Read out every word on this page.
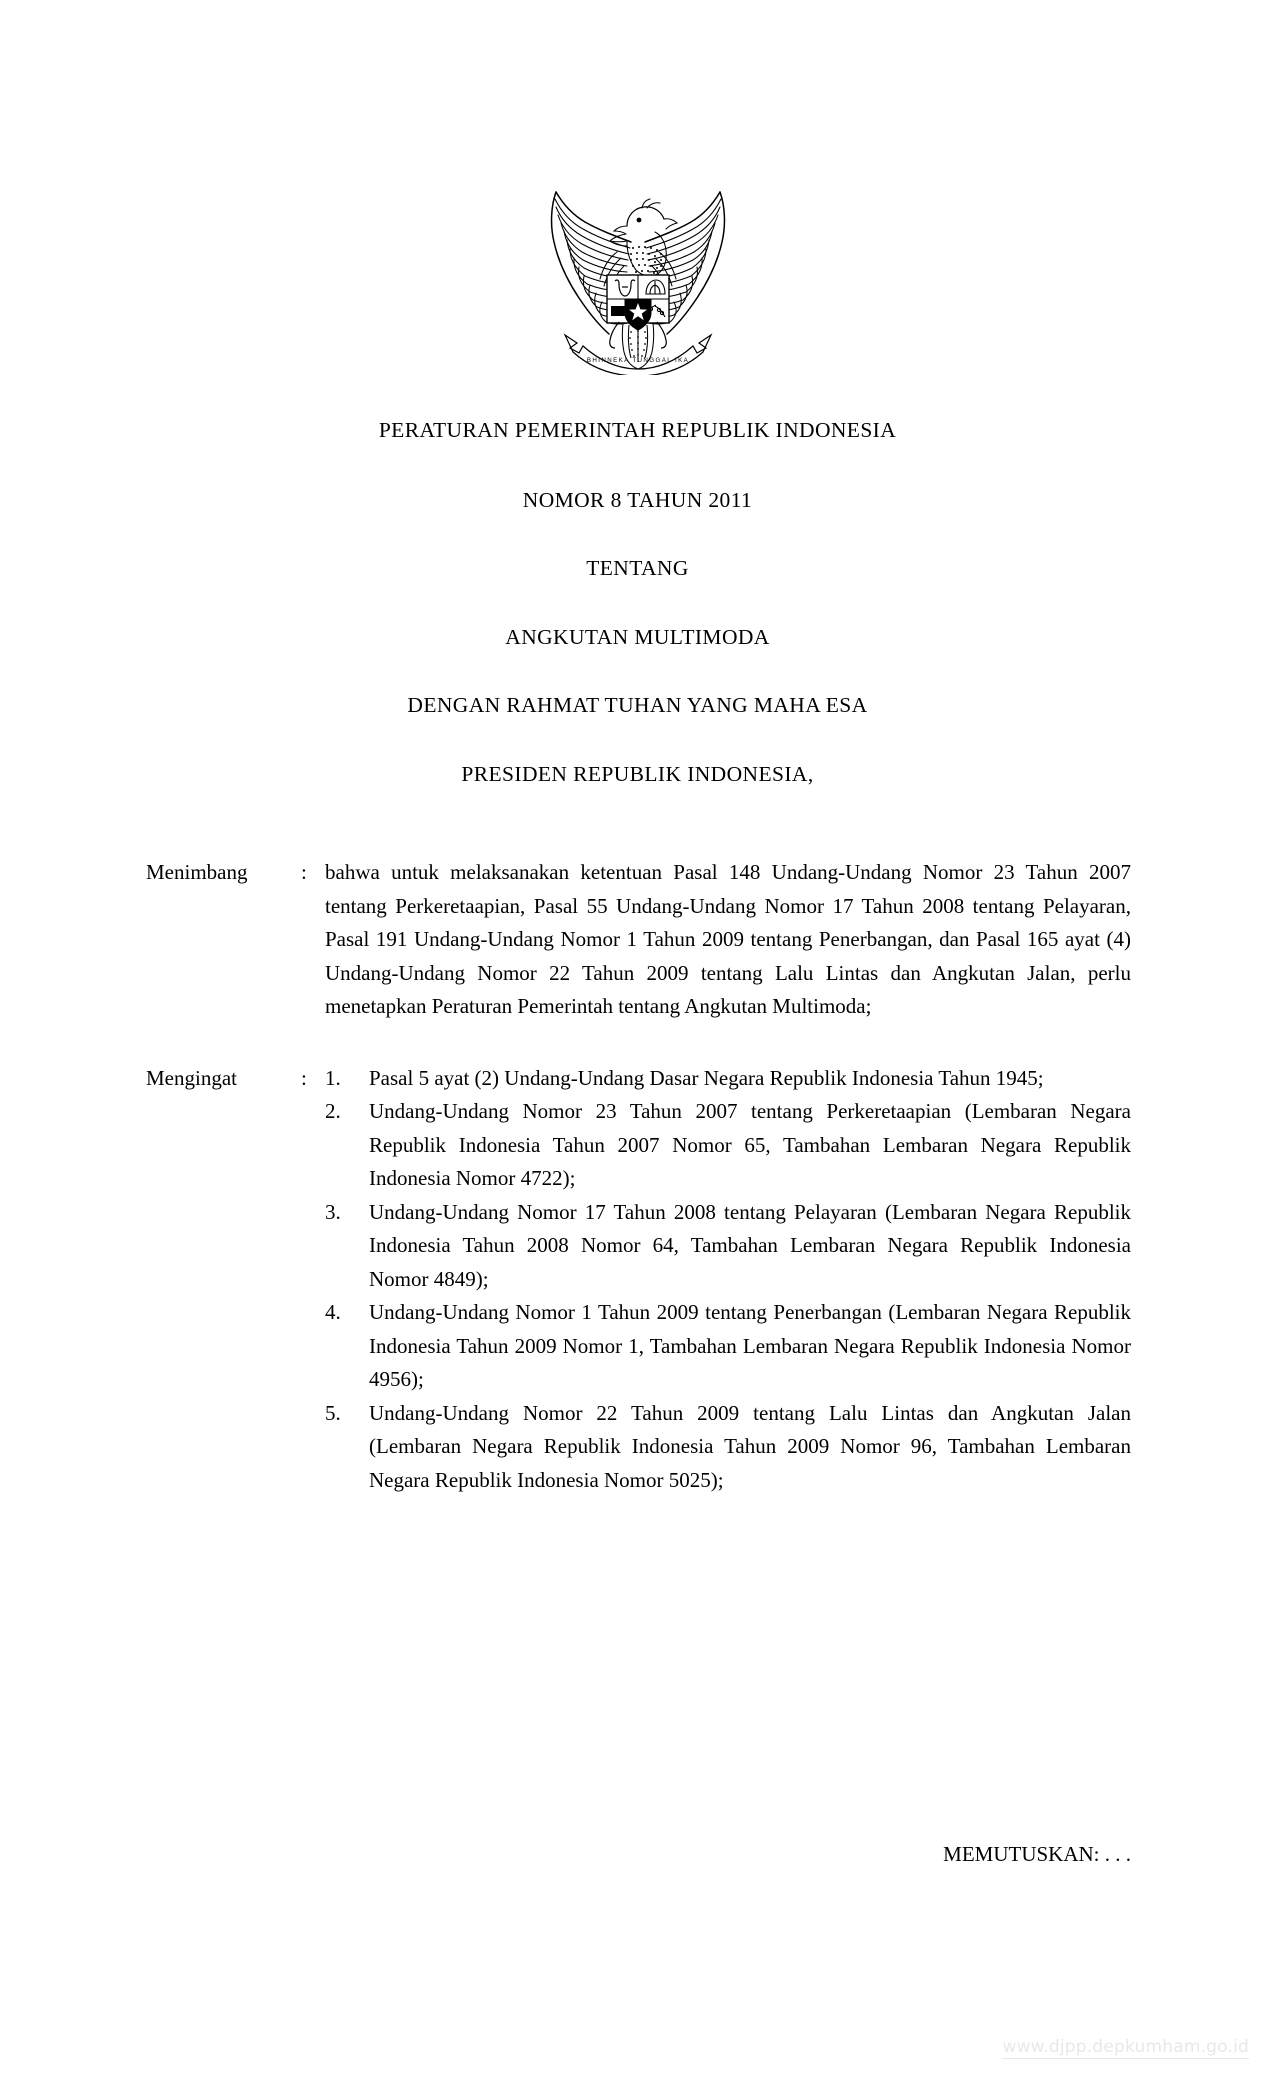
BHINNEKA TUNGGAL IKA
PERATURAN PEMERINTAH REPUBLIK INDONESIA
NOMOR 8 TAHUN 2011
TENTANG
ANGKUTAN MULTIMODA
DENGAN RAHMAT TUHAN YANG MAHA ESA
PRESIDEN REPUBLIK INDONESIA,
Menimbang	: bahwa untuk melaksanakan ketentuan Pasal 148 Undang-Undang Nomor 23 Tahun 2007 tentang Perkeretaapian, Pasal 55 Undang-Undang Nomor 17 Tahun 2008 tentang Pelayaran, Pasal 191 Undang-Undang Nomor 1 Tahun 2009 tentang Penerbangan, dan Pasal 165 ayat (4) Undang-Undang Nomor 22 Tahun 2009 tentang Lalu Lintas dan Angkutan Jalan, perlu menetapkan Peraturan Pemerintah tentang Angkutan Multimoda;

Mengingat	: 1.	Pasal 5 ayat (2) Undang-Undang Dasar Negara Republik Indonesia Tahun 1945;
2.	Undang-Undang Nomor 23 Tahun 2007 tentang Perkeretaapian (Lembaran Negara Republik Indonesia Tahun 2007 Nomor 65, Tambahan Lembaran Negara Republik Indonesia Nomor 4722);
3.	Undang-Undang Nomor 17 Tahun 2008 tentang Pelayaran (Lembaran Negara Republik Indonesia Tahun 2008 Nomor 64, Tambahan Lembaran Negara Republik Indonesia Nomor 4849);
4.	Undang-Undang Nomor 1 Tahun 2009 tentang Penerbangan (Lembaran Negara Republik Indonesia Tahun 2009 Nomor 1, Tambahan Lembaran Negara Republik Indonesia Nomor 4956);
5.	Undang-Undang Nomor 22 Tahun 2009 tentang Lalu Lintas dan Angkutan Jalan (Lembaran Negara Republik Indonesia Tahun 2009 Nomor 96, Tambahan Lembaran Negara Republik Indonesia Nomor 5025);
MEMUTUSKAN: . . .
www.djpp.depkumham.go.id
